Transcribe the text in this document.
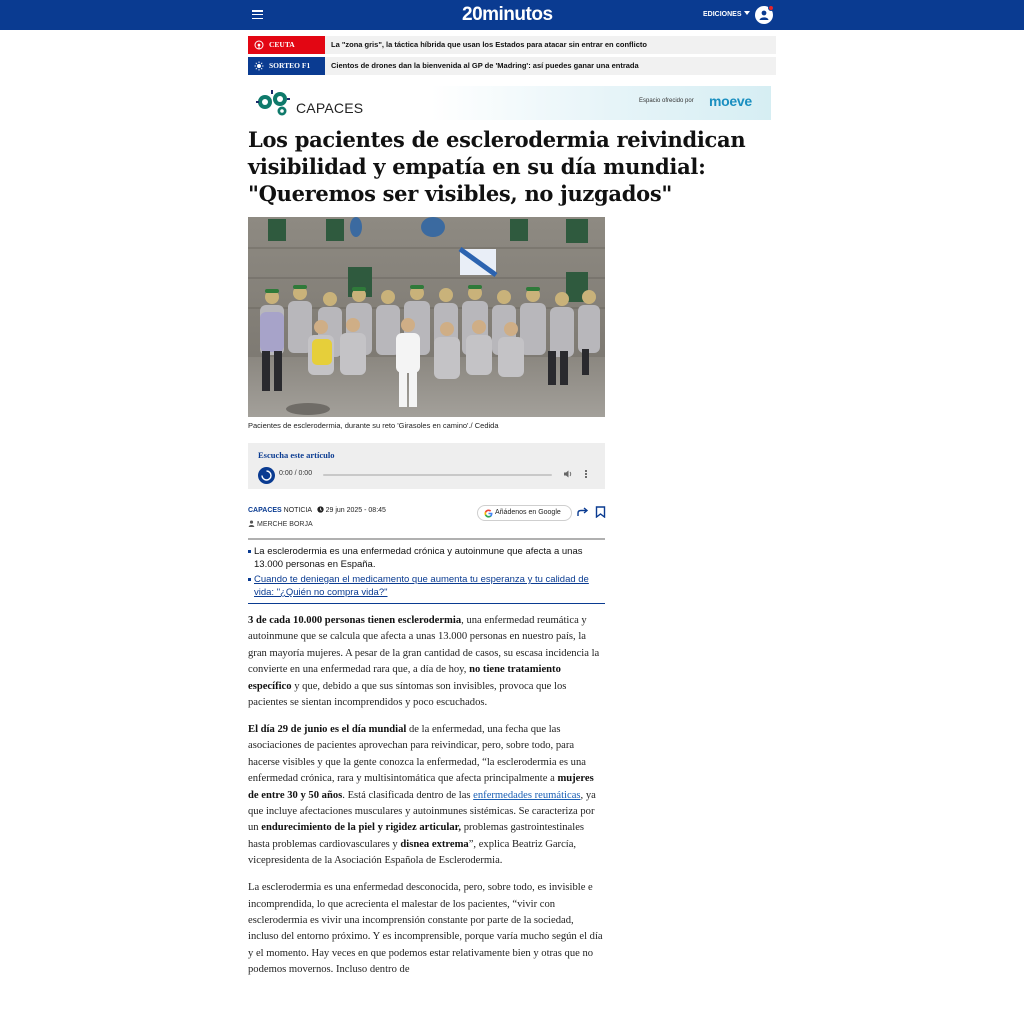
20minutos	EDICIONES
CEUTA	La "zona gris", la táctica híbrida que usan los Estados para atacar sin entrar en conflicto
SORTEO F1	Cientos de drones dan la bienvenida al GP de 'Madring': así puedes ganar una entrada
CAPACES	Espacio ofrecido por moeve
Los pacientes de esclerodermia reivindican visibilidad y empatía en su día mundial: "Queremos ser visibles, no juzgados"
Pacientes de esclerodermia, durante su reto 'Girasoles en camino'./ Cedida
Escucha este artículo
0:00 / 0:00
CAPACES NOTICIA 29 jun 2025 - 08:45
MERCHE BORJA
Añádenos en Google
La esclerodermia es una enfermedad crónica y autoinmune que afecta a unas 13.000 personas en España.
Cuando te deniegan el medicamento que aumenta tu esperanza y tu calidad de vida: "¿Quién no compra vida?"

3 de cada 10.000 personas tienen esclerodermia, una enfermedad reumática y autoinmune que se calcula que afecta a unas 13.000 personas en nuestro país, la gran mayoría mujeres. A pesar de la gran cantidad de casos, su escasa incidencia la convierte en una enfermedad rara que, a día de hoy, no tiene tratamiento específico y que, debido a que sus síntomas son invisibles, provoca que los pacientes se sientan incomprendidos y poco escuchados.

El día 29 de junio es el día mundial de la enfermedad, una fecha que las asociaciones de pacientes aprovechan para reivindicar, pero, sobre todo, para hacerse visibles y que la gente conozca la enfermedad, “la esclerodermia es una enfermedad crónica, rara y multisintomática que afecta principalmente a mujeres de entre 30 y 50 años. Está clasificada dentro de las enfermedades reumáticas, ya que incluye afectaciones musculares y autoinmunes sistémicas. Se caracteriza por un endurecimiento de la piel y rigidez articular, problemas gastrointestinales hasta problemas cardiovasculares y disnea extrema”, explica Beatriz García, vicepresidenta de la Asociación Española de Esclerodermia.

La esclerodermia es una enfermedad desconocida, pero, sobre todo, es invisible e incomprendida, lo que acrecienta el malestar de los pacientes, “vivir con esclerodermia es vivir una incomprensión constante por parte de la sociedad, incluso del entorno próximo. Y es incomprensible, porque varía mucho según el día y el momento. Hay veces en que podemos estar relativamente bien y otras que no podemos movernos. Incluso dentro de
